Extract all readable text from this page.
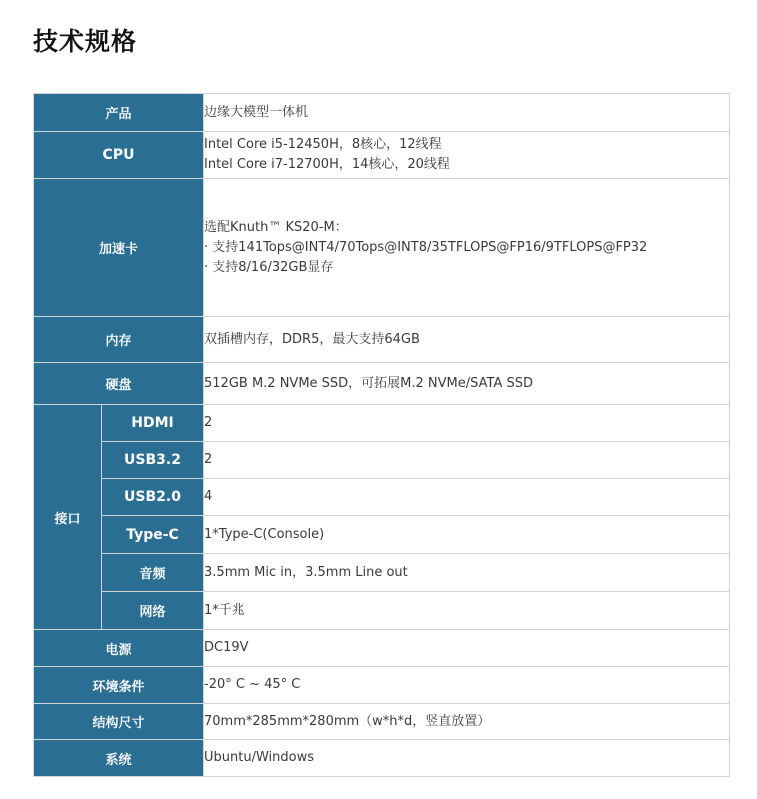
技术规格
产品		边缘大模型一体机
CPU		Intel Core i5-12450H，8核心，12线程
Intel Core i7-12700H，14核心，20线程

加速卡		选配Knuth™ KS20-M：
· 支持141Tops@INT4/70Tops@INT8/35TFLOPS@FP16/9TFLOPS@FP32
· 支持8/16/32GB显存

内存		双插槽内存，DDR5，最大支持64GB
硬盘		512GB M.2 NVMe SSD，可拓展M.2 NVMe/SATA SSD
接口	HDMI	2
	USB3.2	2
	USB2.0	4
	Type-C	1*Type-C(Console)
	音频	3.5mm Mic in，3.5mm Line out
	网络	1*千兆
电源		DC19V
环境条件		-20° C ~ 45° C
结构尺寸		70mm*285mm*280mm（w*h*d，竖直放置）
系统		Ubuntu/Windows
